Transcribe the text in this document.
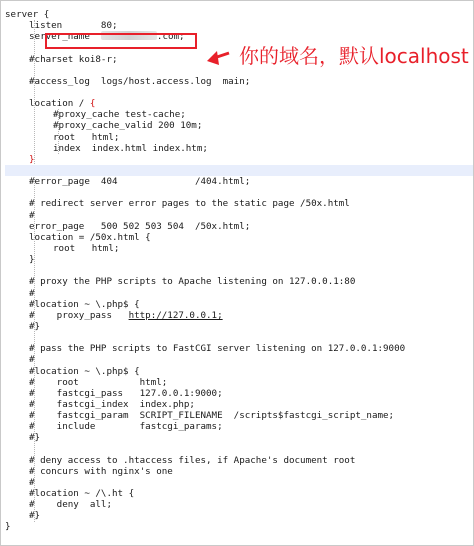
server {
listen       80;
server_name	.com;
#charset koi8-r;
#access_log  logs/host.access.log  main;
location / {
#proxy_cache test-cache;
#proxy_cache_valid 200 10m;
root   html;
index  index.html index.htm;
}
#error_page  404              /404.html;
# redirect server error pages to the static page /50x.html
#
error_page   500 502 503 504  /50x.html;
location = /50x.html {
root   html;
}
# proxy the PHP scripts to Apache listening on 127.0.0.1:80
#
#location ~ \.php$ {
#    proxy_pass   http://127.0.0.1;
#}
# pass the PHP scripts to FastCGI server listening on 127.0.0.1:9000
#
#location ~ \.php$ {
#    root           html;
#    fastcgi_pass   127.0.0.1:9000;
#    fastcgi_index  index.php;
#    fastcgi_param  SCRIPT_FILENAME  /scripts$fastcgi_script_name;
#    include        fastcgi_params;
#}
# deny access to .htaccess files, if Apache's document root
# concurs with nginx's one
#
#location ~ /\.ht {
#    deny  all;
#}
}
你的域名，默认localhost
